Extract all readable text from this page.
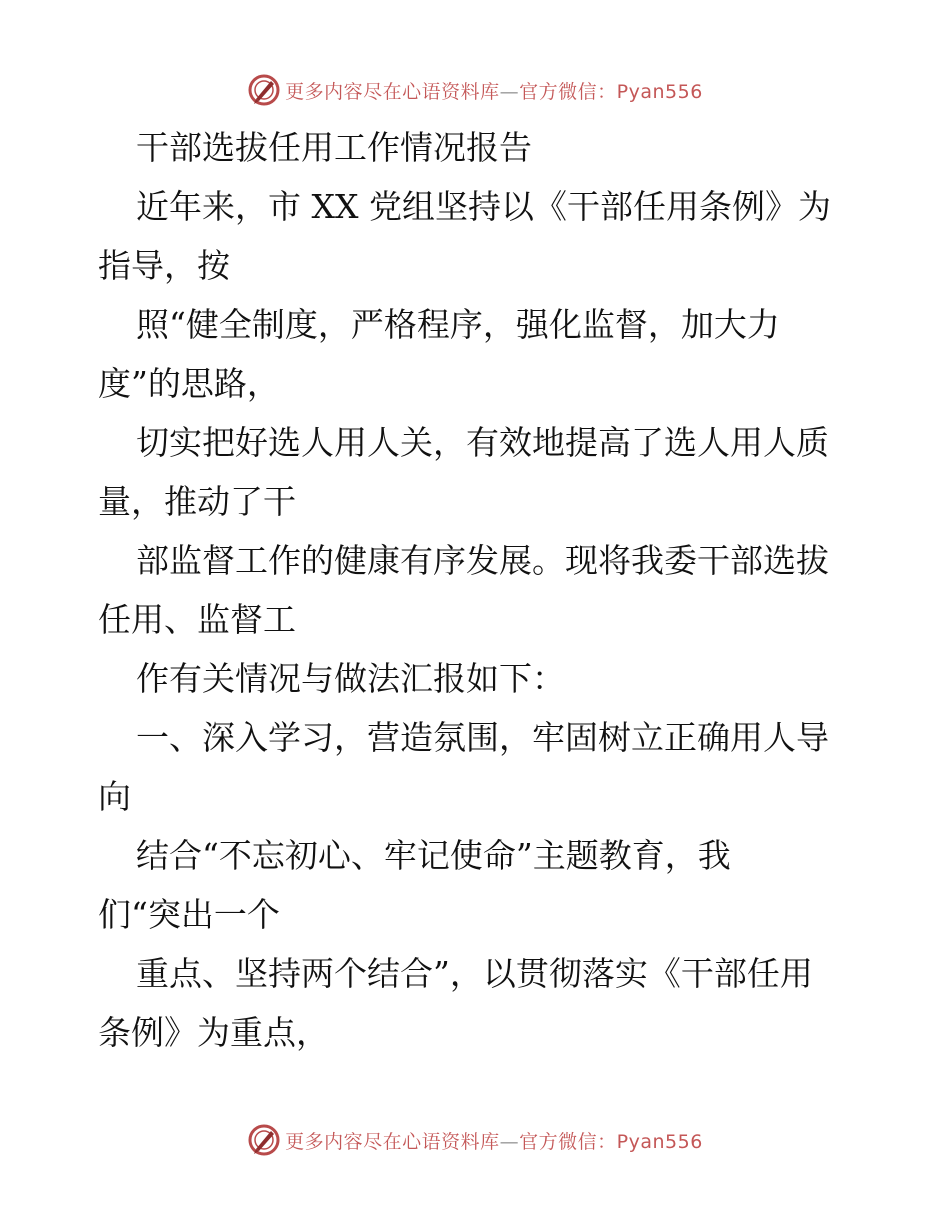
更多内容尽在心语资料库—官方微信：Pyan556

干部选拔任用工作情况报告

近年来，市 XX 党组坚持以《干部任用条例》为

指导，按

照“健全制度，严格程序，强化监督，加大力

度”的思路，

切实把好选人用人关，有效地提高了选人用人质

量，推动了干

部监督工作的健康有序发展。现将我委干部选拔

任用、监督工

作有关情况与做法汇报如下：

一、深入学习，营造氛围，牢固树立正确用人导

向

结合“不忘初心、牢记使命”主题教育，我

们“突出一个

重点、坚持两个结合”，以贯彻落实《干部任用

条例》为重点，

更多内容尽在心语资料库—官方微信：Pyan556
